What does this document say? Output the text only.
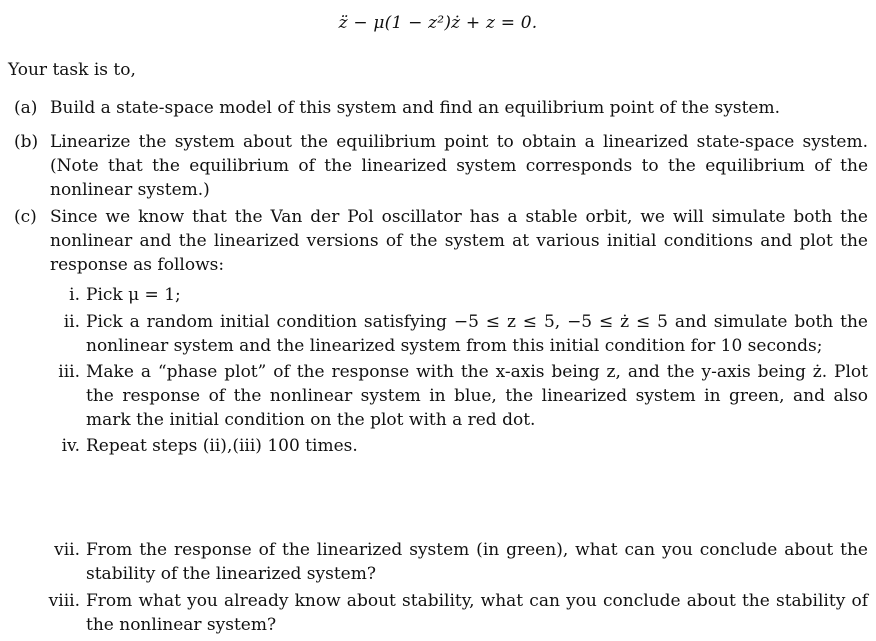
z̈ − μ(1 − z²)ż + z = 0.

Your task is to,

(a) Build a state-space model of this system and find an equilibrium point of the system.
(b) Linearize the system about the equilibrium point to obtain a linearized state-space system. (Note that the equilibrium of the linearized system corresponds to the equilibrium of the nonlinear system.)
(c) Since we know that the Van der Pol oscillator has a stable orbit, we will simulate both the nonlinear and the linearized versions of the system at various initial conditions and plot the response as follows:
i. Pick μ = 1;
ii. Pick a random initial condition satisfying −5 ≤ z ≤ 5, −5 ≤ ż ≤ 5 and simulate both the nonlinear system and the linearized system from this initial condition for 10 seconds;
iii. Make a “phase plot” of the response with the x-axis being z, and the y-axis being ż. Plot the response of the nonlinear system in blue, the linearized system in green, and also mark the initial condition on the plot with a red dot.
iv. Repeat steps (ii),(iii) 100 times.
vii. From the response of the linearized system (in green), what can you conclude about the stability of the linearized system?
viii. From what you already know about stability, what can you conclude about the stability of the nonlinear system?
